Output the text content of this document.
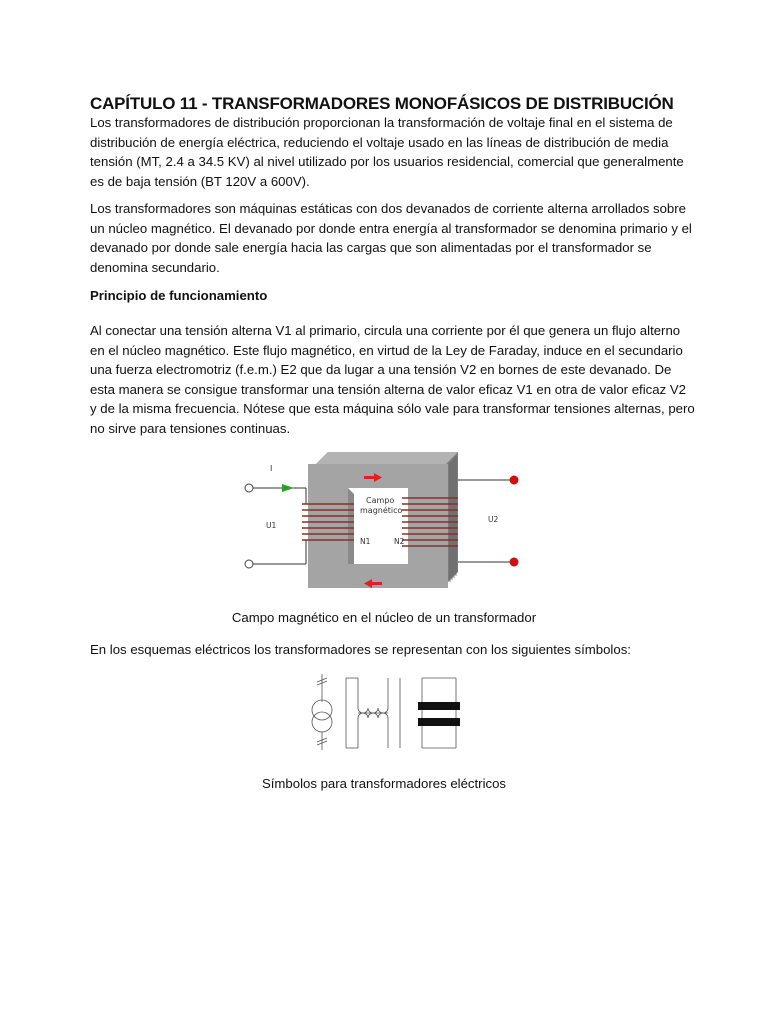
CAPÍTULO 11 - TRANSFORMADORES MONOFÁSICOS DE DISTRIBUCIÓN
Los transformadores de distribución proporcionan la transformación de voltaje final en el sistema de distribución de energía eléctrica, reduciendo el voltaje usado en las líneas de distribución de media tensión (MT, 2.4 a 34.5 KV) al nivel utilizado por los usuarios residencial, comercial que generalmente es de baja tensión (BT 120V a 600V).
Los transformadores son máquinas estáticas con dos devanados de corriente alterna arrollados sobre un núcleo magnético. El devanado por donde entra energía al transformador se denomina primario y el devanado por donde sale energía hacia las cargas que son alimentadas por el transformador se denomina secundario.
Principio de funcionamiento
Al conectar una tensión alterna V1 al primario, circula una corriente por él que genera un flujo alterno en el núcleo magnético. Este flujo magnético, en virtud de la Ley de Faraday, induce en el secundario una fuerza electromotriz (f.e.m.) E2 que da lugar a una tensión V2 en bornes de este devanado. De esta manera se consigue transformar una tensión alterna de valor eficaz V1 en otra de valor eficaz V2 y de la misma frecuencia. Nótese que esta máquina sólo vale para transformar tensiones alternas, pero no sirve para tensiones continuas.
I
U1
U2
Campo
magnético
N1	N2
Campo magnético en el núcleo de un transformador
En los esquemas eléctricos los transformadores se representan con los siguientes símbolos:
Símbolos para transformadores eléctricos
